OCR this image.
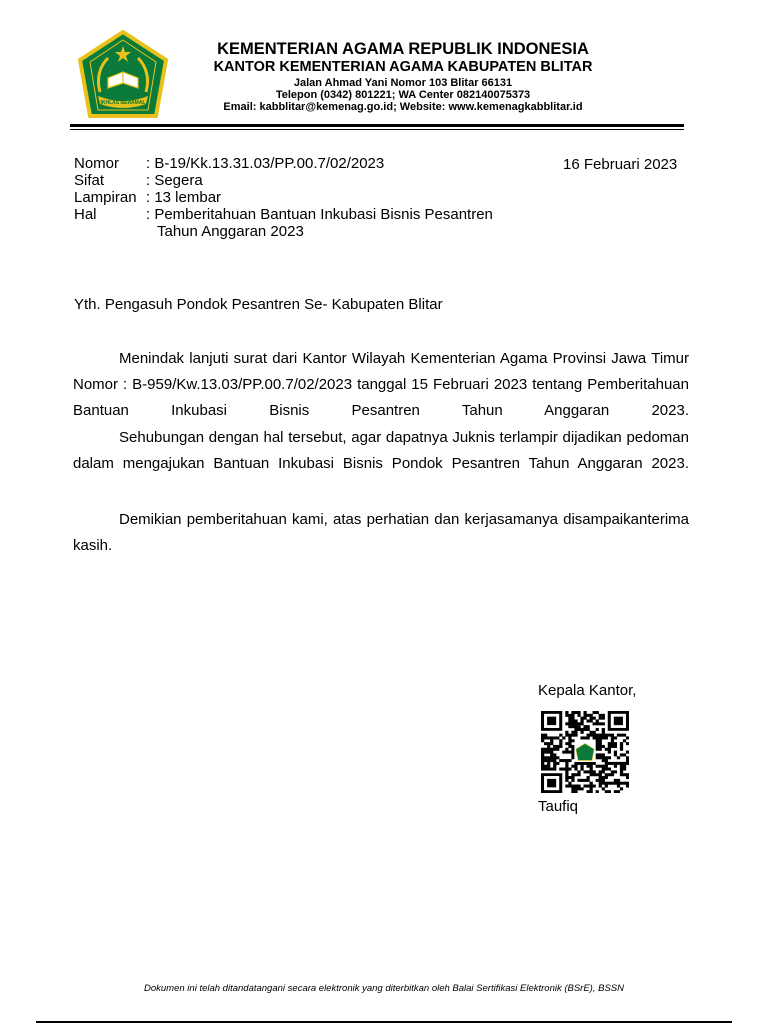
IKHLAS BERAMAL
KEMENTERIAN AGAMA REPUBLIK INDONESIA
KANTOR KEMENTERIAN AGAMA KABUPATEN BLITAR
Jalan Ahmad Yani Nomor 103 Blitar 66131
Telepon (0342) 801221; WA Center 082140075373
Email: kabblitar@kemenag.go.id; Website: www.kemenagkabblitar.id
Nomor : B-19/Kk.13.31.03/PP.00.7/02/2023
Sifat	: Segera
Lampiran : 13 lembar
Hal	: Pemberitahuan Bantuan Inkubasi Bisnis Pesantren
Tahun Anggaran 2023
16 Februari 2023
Yth. Pengasuh Pondok Pesantren Se- Kabupaten Blitar
Menindak lanjuti surat dari Kantor Wilayah Kementerian Agama Provinsi Jawa Timur Nomor : B-959/Kw.13.03/PP.00.7/02/2023 tanggal 15 Februari 2023 tentang Pemberitahuan Bantuan Inkubasi Bisnis Pesantren Tahun Anggaran 2023.
Sehubungan dengan hal tersebut, agar dapatnya Juknis terlampir dijadikan pedoman dalam mengajukan Bantuan Inkubasi Bisnis Pondok Pesantren Tahun Anggaran 2023.
Demikian pemberitahuan kami, atas perhatian dan kerjasamanya disampaikanterima kasih.
Kepala Kantor,
Taufiq
Dokumen ini telah ditandatangani secara elektronik yang diterbitkan oleh Balai Sertifikasi Elektronik (BSrE), BSSN
